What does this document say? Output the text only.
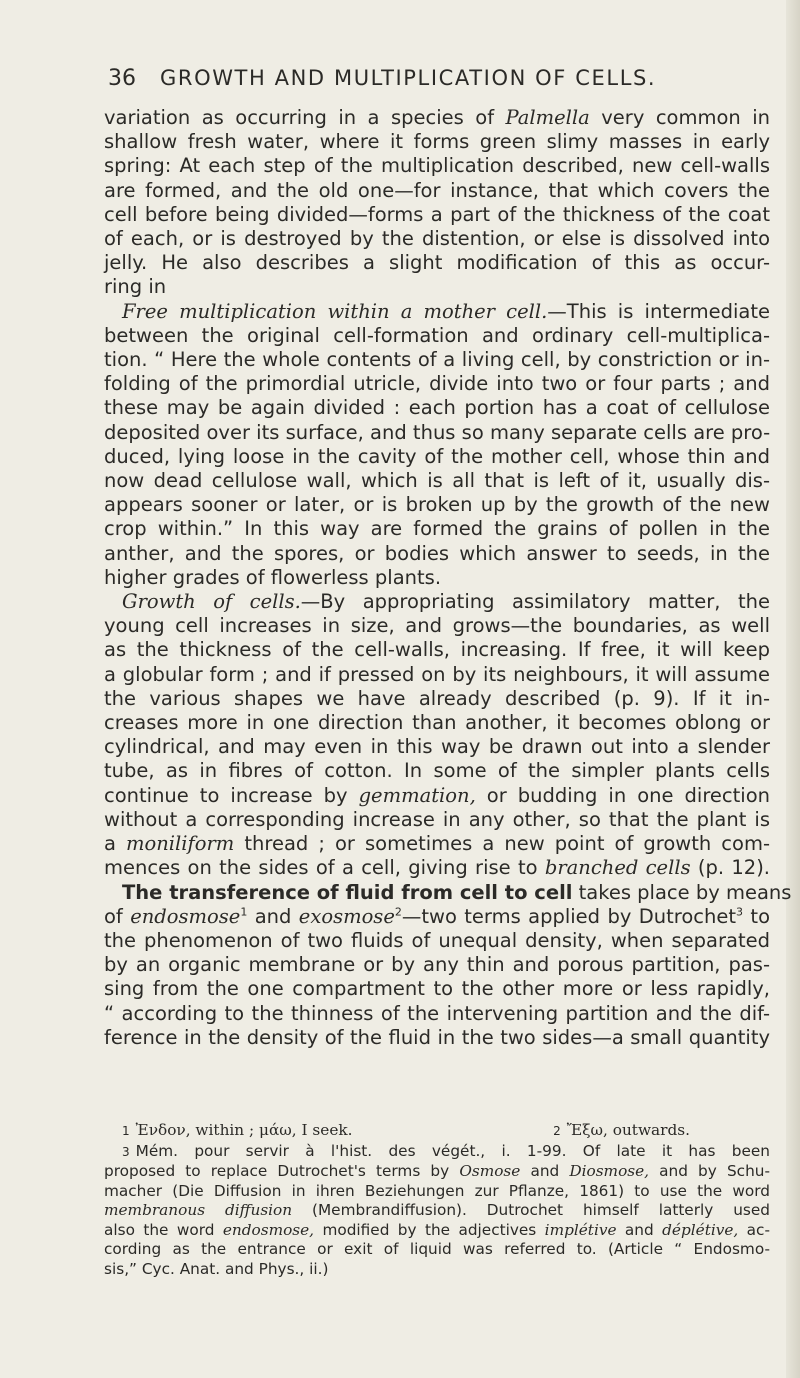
36 GROWTH AND MULTIPLICATION OF CELLS.
variation as occurring in a species of Palmella very common in
shallow fresh water, where it forms green slimy masses in early
spring: At each step of the multiplication described, new cell-walls
are formed, and the old one—for instance, that which covers the
cell before being divided—forms a part of the thickness of the coat
of each, or is destroyed by the distention, or else is dissolved into
jelly. He also describes a slight modification of this as occur-
ring in
Free multiplication within a mother cell.—This is intermediate
between the original cell-formation and ordinary cell-multiplica-
tion. “ Here the whole contents of a living cell, by constriction or in-
folding of the primordial utricle, divide into two or four parts ; and
these may be again divided : each portion has a coat of cellulose
deposited over its surface, and thus so many separate cells are pro-
duced, lying loose in the cavity of the mother cell, whose thin and
now dead cellulose wall, which is all that is left of it, usually dis-
appears sooner or later, or is broken up by the growth of the new
crop within.” In this way are formed the grains of pollen in the
anther, and the spores, or bodies which answer to seeds, in the
higher grades of flowerless plants.
Growth of cells.—By appropriating assimilatory matter, the
young cell increases in size, and grows—the boundaries, as well
as the thickness of the cell-walls, increasing. If free, it will keep
a globular form ; and if pressed on by its neighbours, it will assume
the various shapes we have already described (p. 9). If it in-
creases more in one direction than another, it becomes oblong or
cylindrical, and may even in this way be drawn out into a slender
tube, as in fibres of cotton. In some of the simpler plants cells
continue to increase by gemmation, or budding in one direction
without a corresponding increase in any other, so that the plant is
a moniliform thread ; or sometimes a new point of growth com-
mences on the sides of a cell, giving rise to branched cells (p. 12).
The transference of fluid from cell to cell takes place by means
of endosmose$^1$ and exosmose$^2$—two terms applied by Dutrochet$^3$ to
the phenomenon of two fluids of unequal density, when separated
by an organic membrane or by any thin and porous partition, pas-
sing from the one compartment to the other more or less rapidly,
“ according to the thinness of the intervening partition and the dif-
ference in the density of the fluid in the two sides—a small quantity
1 Ἐνδον, within ; μάω, I seek.	2 Ἔξω, outwards.
3 Mém. pour servir à l'hist. des végét., i. 1-99. Of late it has been
proposed to replace Dutrochet's terms by Osmose and Diosmose, and by Schu-
macher (Die Diffusion in ihren Beziehungen zur Pflanze, 1861) to use the word
membranous diffusion (Membrandiffusion). Dutrochet himself latterly used
also the word endosmose, modified by the adjectives implétive and déplétive, ac-
cording as the entrance or exit of liquid was referred to. (Article “ Endosmo-
sis,” Cyc. Anat. and Phys., ii.)
